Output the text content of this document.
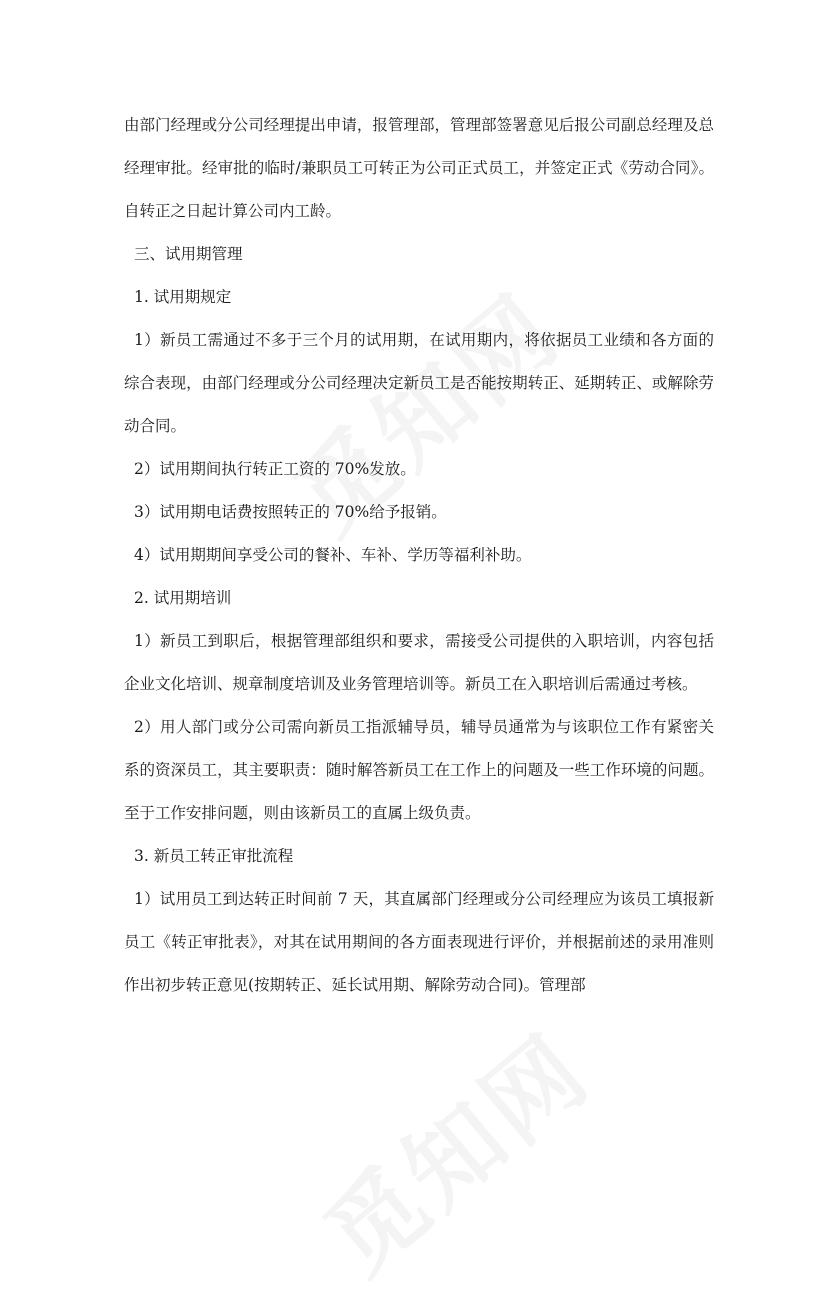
由部门经理或分公司经理提出申请，报管理部，管理部签署意见后报公司副总经理及总经理审批。经审批的临时/兼职员工可转正为公司正式员工，并签定正式《劳动合同》。自转正之日起计算公司内工龄。

三、试用期管理

1. 试用期规定

1）新员工需通过不多于三个月的试用期，在试用期内，将依据员工业绩和各方面的综合表现，由部门经理或分公司经理决定新员工是否能按期转正、延期转正、或解除劳动合同。

2）试用期间执行转正工资的 70%发放。

3）试用期电话费按照转正的 70%给予报销。

4）试用期期间享受公司的餐补、车补、学历等福利补助。

2. 试用期培训

1）新员工到职后，根据管理部组织和要求，需接受公司提供的入职培训，内容包括企业文化培训、规章制度培训及业务管理培训等。新员工在入职培训后需通过考核。

2）用人部门或分公司需向新员工指派辅导员，辅导员通常为与该职位工作有紧密关系的资深员工，其主要职责：随时解答新员工在工作上的问题及一些工作环境的问题。至于工作安排问题，则由该新员工的直属上级负责。

3. 新员工转正审批流程

1）试用员工到达转正时间前 7 天，其直属部门经理或分公司经理应为该员工填报新员工《转正审批表》，对其在试用期间的各方面表现进行评价，并根据前述的录用准则作出初步转正意见(按期转正、延长试用期、解除劳动合同)。管理部
